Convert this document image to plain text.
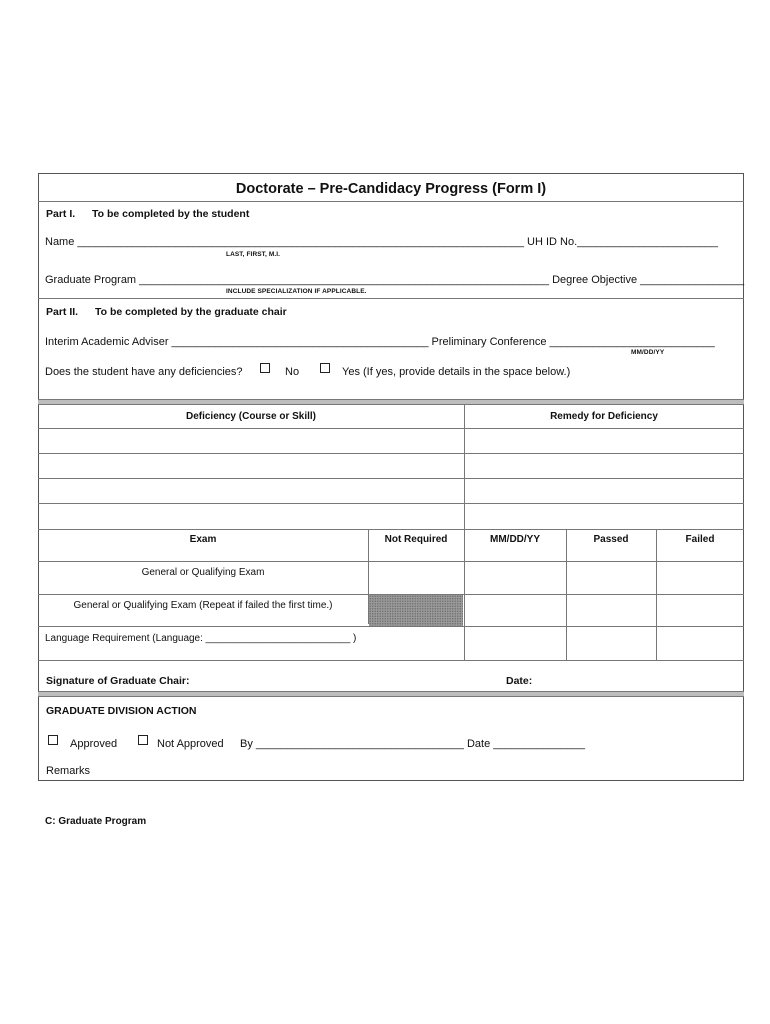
Doctorate – Pre-Candidacy Progress (Form I)
Part I. To be completed by the student
Name _________________________________________________________________________ UH ID No._______________________
LAST, FIRST, M.I.
Graduate Program ___________________________________________________________________ Degree Objective _________________
INCLUDE SPECIALIZATION IF APPLICABLE.
Part II. To be completed by the graduate chair
Interim Academic Adviser __________________________________________ Preliminary Conference ___________________________
MM/DD/YY
Does the student have any deficiencies?	No	Yes (If yes, provide details in the space below.)
Deficiency (Course or Skill)	Remedy for Deficiency
Exam	Not Required	MM/DD/YY	Passed	Failed
General or Qualifying Exam
General or Qualifying Exam (Repeat if failed the first time.)
Language Requirement (Language: __________________________ )
Signature of Graduate Chair:	Date:
GRADUATE DIVISION ACTION
Approved	Not Approved By __________________________________ Date _______________
Remarks
C: Graduate Program
